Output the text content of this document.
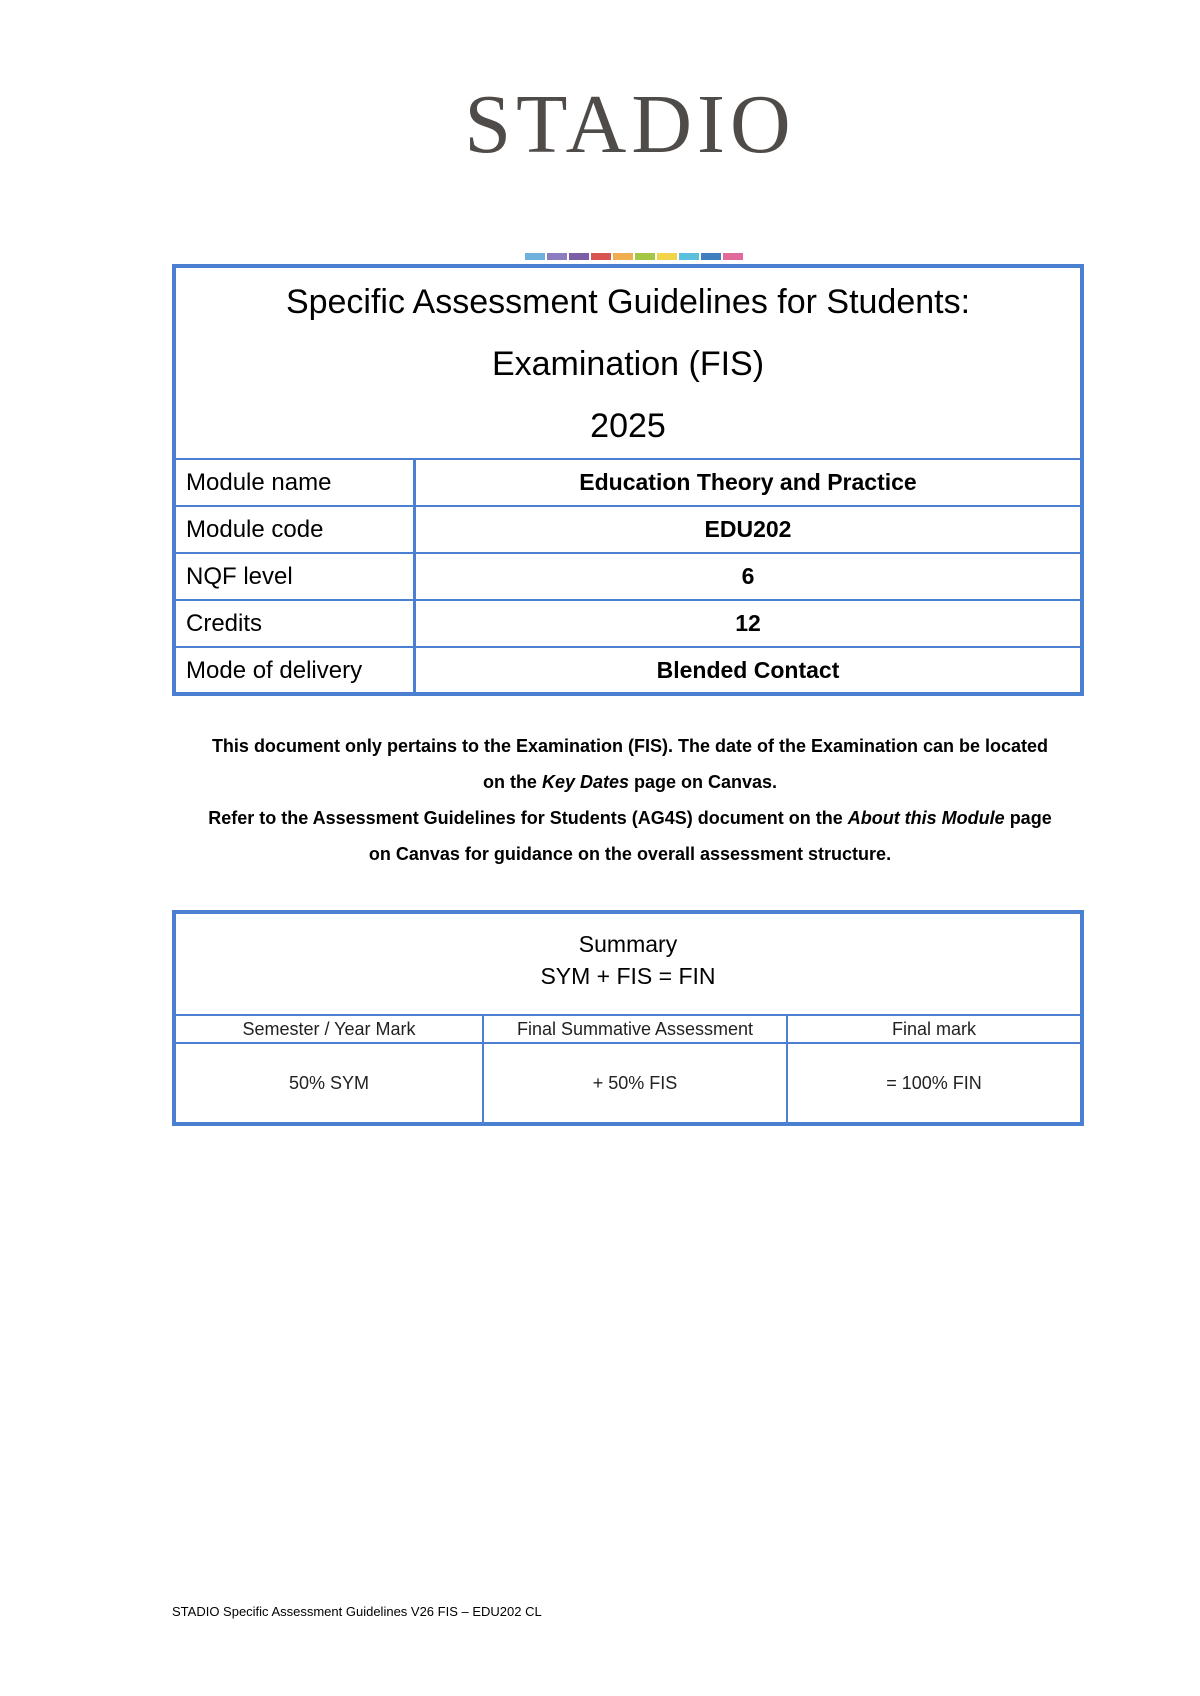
STADIO
Specific Assessment Guidelines for Students:
Examination (FIS)
2025
Module name	Education Theory and Practice
Module code	EDU202
NQF level	6
Credits	12
Mode of delivery	Blended Contact
This document only pertains to the Examination (FIS). The date of the Examination can be located
on the Key Dates page on Canvas.
Refer to the Assessment Guidelines for Students (AG4S) document on the About this Module page
on Canvas for guidance on the overall assessment structure.
Summary
SYM + FIS = FIN
Semester / Year Mark	Final Summative Assessment	Final mark
50% SYM	+ 50% FIS	= 100% FIN
STADIO Specific Assessment Guidelines V26 FIS – EDU202 CL
